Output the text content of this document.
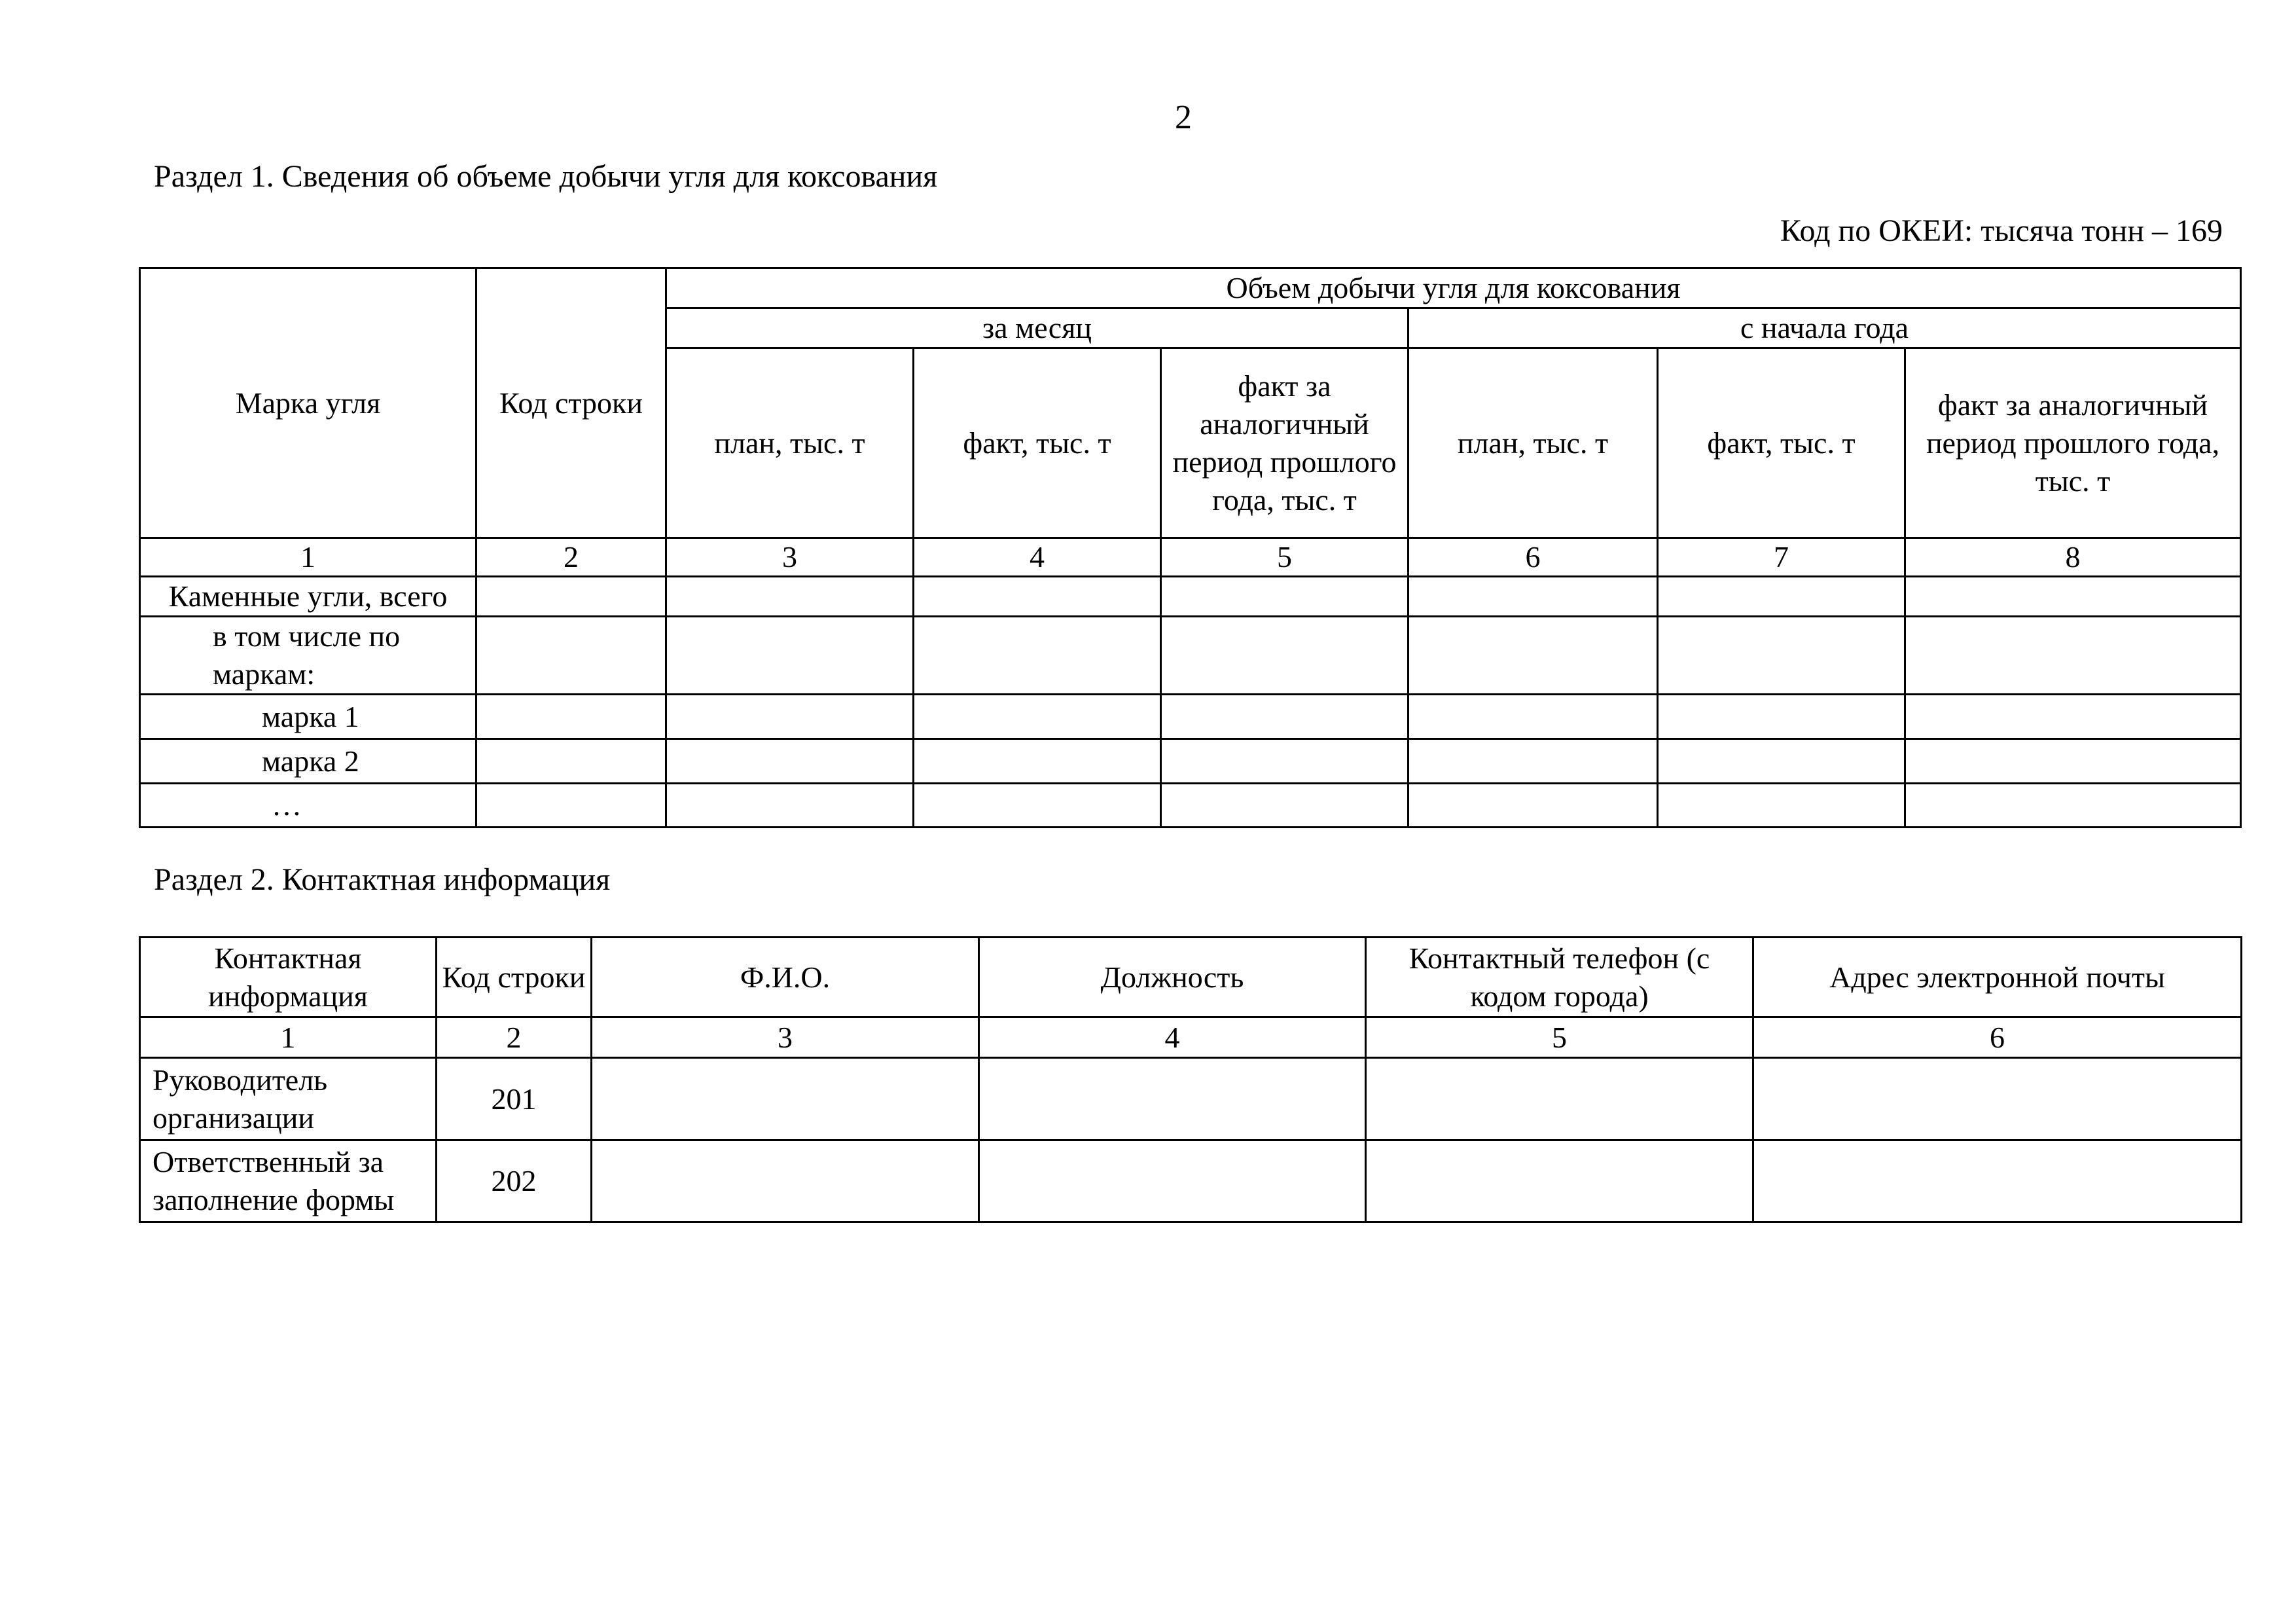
2
Раздел 1. Сведения об объеме добычи угля для коксования
Код по ОКЕИ: тысяча тонн – 169
Марка угля	Код строки	Объем добычи угля для коксования					
		за месяц			с начала года		
		план, тыс. т	факт, тыс. т	факт за аналогичный период прошлого года, тыс. т	план, тыс. т	факт, тыс. т	факт за аналогичный период прошлого года, тыс. т
1	2	3	4	5	6	7	8
Каменные угли, всего							
в том числе по маркам:							
марка 1							
марка 2							
…							
Раздел 2. Контактная информация
Контактная информация	Код строки	Ф.И.О.	Должность	Контактный телефон (с кодом города)	Адрес электронной почты
1	2	3	4	5	6
Руководитель организации	201				
Ответственный за заполнение формы	202				
